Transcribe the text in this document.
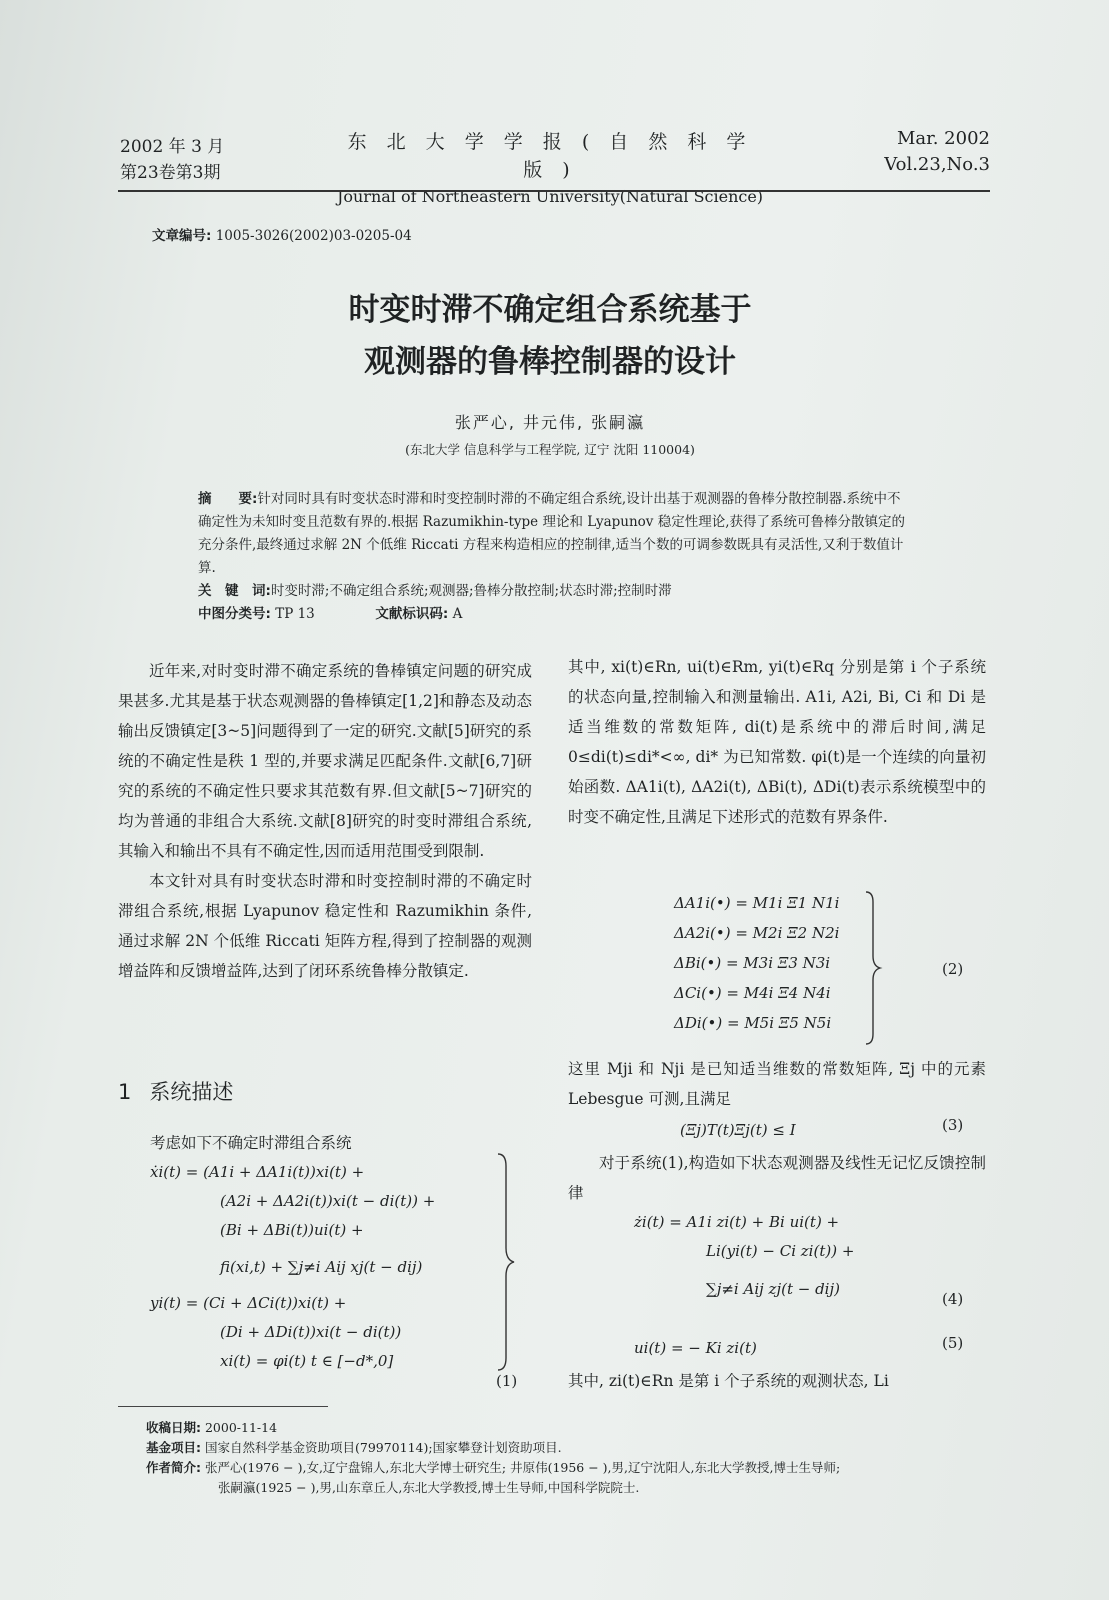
2002 年 3 月
第23卷第3期
东 北 大 学 学 报 ( 自 然 科 学 版 )
Journal of Northeastern University(Natural Science)
Mar. 2002
Vol.23,No.3
文章编号: 1005-3026(2002)03-0205-04
时变时滞不确定组合系统基于
观测器的鲁棒控制器的设计
张严心, 井元伟, 张嗣瀛
(东北大学 信息科学与工程学院, 辽宁 沈阳 110004)
摘　　要:针对同时具有时变状态时滞和时变控制时滞的不确定组合系统,设计出基于观测器的鲁棒分散控制器.系统中不确定性为未知时变且范数有界的.根据 Razumikhin-type 理论和 Lyapunov 稳定性理论,获得了系统可鲁棒分散镇定的充分条件,最终通过求解 2N 个低维 Riccati 方程来构造相应的控制律,适当个数的可调参数既具有灵活性,又利于数值计算.
关　键　词:时变时滞;不确定组合系统;观测器;鲁棒分散控制;状态时滞;控制时滞
中图分类号: TP 13	文献标识码: A

近年来,对时变时滞不确定系统的鲁棒镇定问题的研究成果甚多.尤其是基于状态观测器的鲁棒镇定[1,2]和静态及动态输出反馈镇定[3~5]问题得到了一定的研究.文献[5]研究的系统的不确定性是秩 1 型的,并要求满足匹配条件.文献[6,7]研究的系统的不确定性只要求其范数有界.但文献[5~7]研究的均为普通的非组合大系统.文献[8]研究的时变时滞组合系统,其输入和输出不具有不确定性,因而适用范围受到限制.

本文针对具有时变状态时滞和时变控制时滞的不确定时滞组合系统,根据 Lyapunov 稳定性和 Razumikhin 条件,通过求解 2N 个低维 Riccati 矩阵方程,得到了控制器的观测增益阵和反馈增益阵,达到了闭环系统鲁棒分散镇定.

1 系统描述
考虑如下不确定时滞组合系统
ẋi(t) = (A1i + ΔA1i(t))xi(t) +
(A2i + ΔA2i(t))xi(t − di(t)) +
(Bi + ΔBi(t))ui(t) +
fi(xi,t) + ∑j≠i Aij xj(t − dij)
yi(t) = (Ci + ΔCi(t))xi(t) +
(Di + ΔDi(t))xi(t − di(t))
xi(t) = φi(t) t ∈ [−d*,0]
(1)

其中, xi(t)∈Rn, ui(t)∈Rm, yi(t)∈Rq 分别是第 i 个子系统的状态向量,控制输入和测量输出. A1i, A2i, Bi, Ci 和 Di 是适当维数的常数矩阵, di(t)是系统中的滞后时间,满足 0≤di(t)≤di*<∞, di* 为已知常数. φi(t)是一个连续的向量初始函数. ΔA1i(t), ΔA2i(t), ΔBi(t), ΔDi(t)表示系统模型中的时变不确定性,且满足下述形式的范数有界条件.

ΔA1i(•) = M1i Ξ1 N1i
ΔA2i(•) = M2i Ξ2 N2i
ΔBi(•) = M3i Ξ3 N3i
ΔCi(•) = M4i Ξ4 N4i
ΔDi(•) = M5i Ξ5 N5i
(2)
这里 Mji 和 Nji 是已知适当维数的常数矩阵, Ξj 中的元素 Lebesgue 可测,且满足
(Ξj)T(t)Ξj(t) ≤ I	(3)

对于系统(1),构造如下状态观测器及线性无记忆反馈控制律

żi(t) = A1i zi(t) + Bi ui(t) +
Li(yi(t) − Ci zi(t)) +
∑j≠i Aij zj(t − dij)
(4)
ui(t) = − Ki zi(t)	(5)
其中, zi(t)∈Rn 是第 i 个子系统的观测状态, Li
收稿日期: 2000-11-14
基金项目: 国家自然科学基金资助项目(79970114);国家攀登计划资助项目.
作者简介: 张严心(1976 − ),女,辽宁盘锦人,东北大学博士研究生; 井原伟(1956 − ),男,辽宁沈阳人,东北大学教授,博士生导师;
张嗣瀛(1925 − ),男,山东章丘人,东北大学教授,博士生导师,中国科学院院士.
